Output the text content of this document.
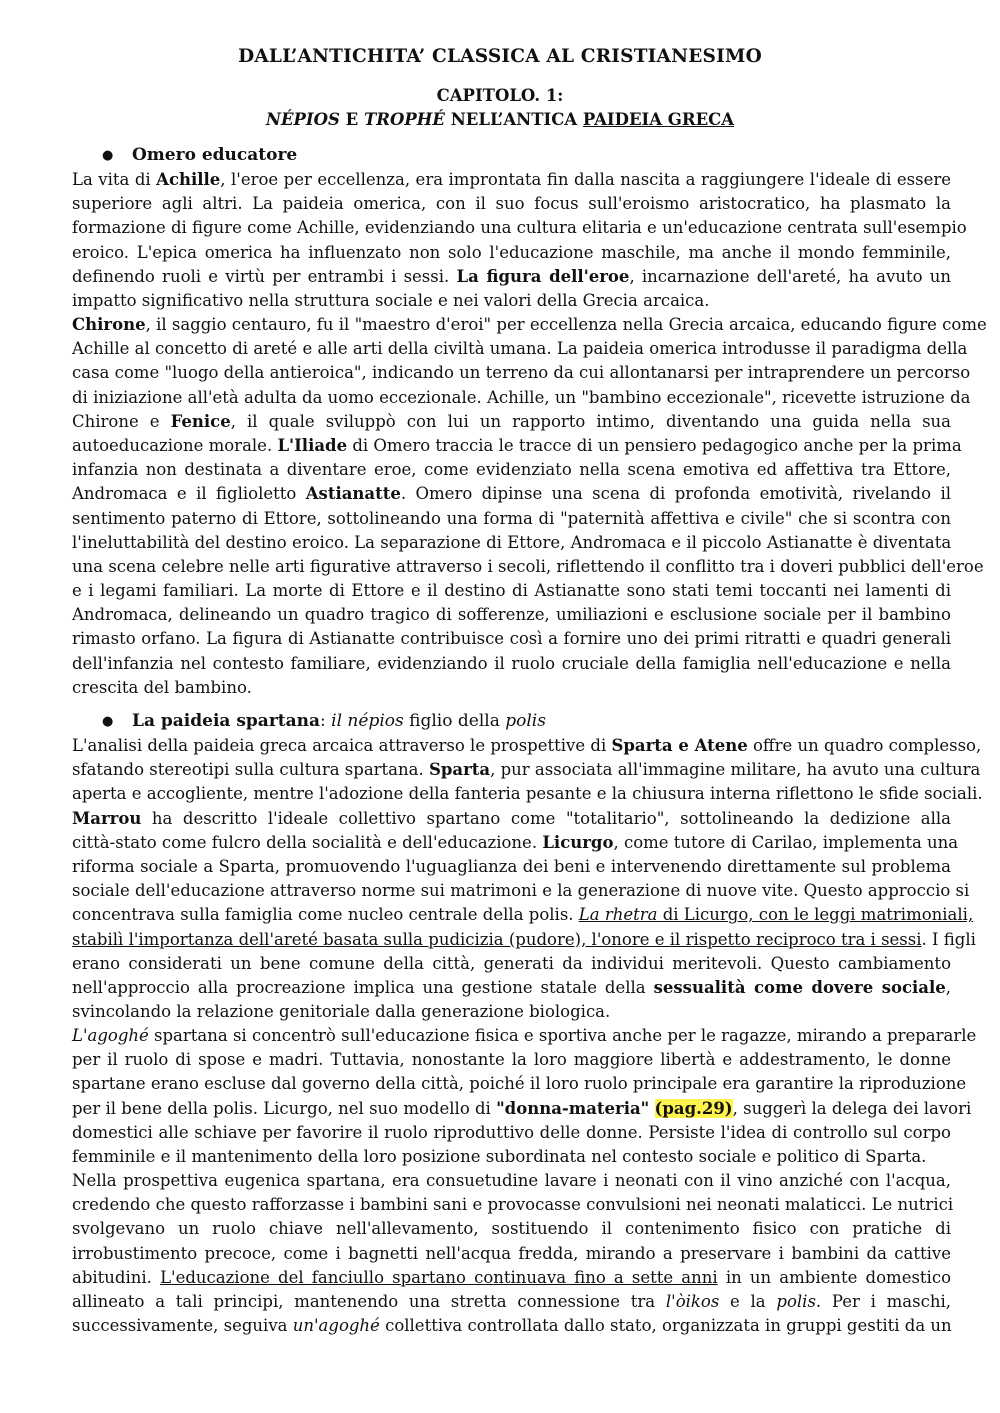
DALL’ANTICHITA’ CLASSICA AL CRISTIANESIMO
CAPITOLO. 1:
NÉPIOS E TROPHÉ NELL’ANTICA PAIDEIA GRECA
● Omero educatore
La vita di Achille, l'eroe per eccellenza, era improntata fin dalla nascita a raggiungere l'ideale di essere
superiore agli altri. La paideia omerica, con il suo focus sull'eroismo aristocratico, ha plasmato la
formazione di figure come Achille, evidenziando una cultura elitaria e un'educazione centrata sull'esempio
eroico. L'epica omerica ha influenzato non solo l'educazione maschile, ma anche il mondo femminile,
definendo ruoli e virtù per entrambi i sessi. La figura dell'eroe, incarnazione dell'areté, ha avuto un
impatto significativo nella struttura sociale e nei valori della Grecia arcaica.
Chirone, il saggio centauro, fu il "maestro d'eroi" per eccellenza nella Grecia arcaica, educando figure come
Achille al concetto di areté e alle arti della civiltà umana. La paideia omerica introdusse il paradigma della
casa come "luogo della antieroica", indicando un terreno da cui allontanarsi per intraprendere un percorso
di iniziazione all'età adulta da uomo eccezionale. Achille, un "bambino eccezionale", ricevette istruzione da
Chirone e Fenice, il quale sviluppò con lui un rapporto intimo, diventando una guida nella sua
autoeducazione morale. L'Iliade di Omero traccia le tracce di un pensiero pedagogico anche per la prima
infanzia non destinata a diventare eroe, come evidenziato nella scena emotiva ed affettiva tra Ettore,
Andromaca e il figlioletto Astianatte. Omero dipinse una scena di profonda emotività, rivelando il
sentimento paterno di Ettore, sottolineando una forma di "paternità affettiva e civile" che si scontra con
l'ineluttabilità del destino eroico. La separazione di Ettore, Andromaca e il piccolo Astianatte è diventata
una scena celebre nelle arti figurative attraverso i secoli, riflettendo il conflitto tra i doveri pubblici dell'eroe
e i legami familiari. La morte di Ettore e il destino di Astianatte sono stati temi toccanti nei lamenti di
Andromaca, delineando un quadro tragico di sofferenze, umiliazioni e esclusione sociale per il bambino
rimasto orfano. La figura di Astianatte contribuisce così a fornire uno dei primi ritratti e quadri generali
dell'infanzia nel contesto familiare, evidenziando il ruolo cruciale della famiglia nell'educazione e nella
crescita del bambino.
● La paideia spartana: il népios figlio della polis
L'analisi della paideia greca arcaica attraverso le prospettive di Sparta e Atene offre un quadro complesso,
sfatando stereotipi sulla cultura spartana. Sparta, pur associata all'immagine militare, ha avuto una cultura
aperta e accogliente, mentre l'adozione della fanteria pesante e la chiusura interna riflettono le sfide sociali.
Marrou ha descritto l'ideale collettivo spartano come "totalitario", sottolineando la dedizione alla
città-stato come fulcro della socialità e dell'educazione. Licurgo, come tutore di Carilao, implementa una
riforma sociale a Sparta, promuovendo l'uguaglianza dei beni e intervenendo direttamente sul problema
sociale dell'educazione attraverso norme sui matrimoni e la generazione di nuove vite. Questo approccio si
concentrava sulla famiglia come nucleo centrale della polis. La rhetra di Licurgo, con le leggi matrimoniali,
stabilì l'importanza dell'areté basata sulla pudicizia (pudore), l'onore e il rispetto reciproco tra i sessi. I figli
erano considerati un bene comune della città, generati da individui meritevoli. Questo cambiamento
nell'approccio alla procreazione implica una gestione statale della sessualità come dovere sociale,
svincolando la relazione genitoriale dalla generazione biologica.
L'agoghé spartana si concentrò sull'educazione fisica e sportiva anche per le ragazze, mirando a prepararle
per il ruolo di spose e madri. Tuttavia, nonostante la loro maggiore libertà e addestramento, le donne
spartane erano escluse dal governo della città, poiché il loro ruolo principale era garantire la riproduzione
per il bene della polis. Licurgo, nel suo modello di "donna-materia" (pag.29), suggerì la delega dei lavori
domestici alle schiave per favorire il ruolo riproduttivo delle donne. Persiste l'idea di controllo sul corpo
femminile e il mantenimento della loro posizione subordinata nel contesto sociale e politico di Sparta.
Nella prospettiva eugenica spartana, era consuetudine lavare i neonati con il vino anziché con l'acqua,
credendo che questo rafforzasse i bambini sani e provocasse convulsioni nei neonati malaticci. Le nutrici
svolgevano un ruolo chiave nell'allevamento, sostituendo il contenimento fisico con pratiche di
irrobustimento precoce, come i bagnetti nell'acqua fredda, mirando a preservare i bambini da cattive
abitudini. L'educazione del fanciullo spartano continuava fino a sette anni in un ambiente domestico
allineato a tali principi, mantenendo una stretta connessione tra l'òikos e la polis. Per i maschi,
successivamente, seguiva un'agoghé collettiva controllata dallo stato, organizzata in gruppi gestiti da un
